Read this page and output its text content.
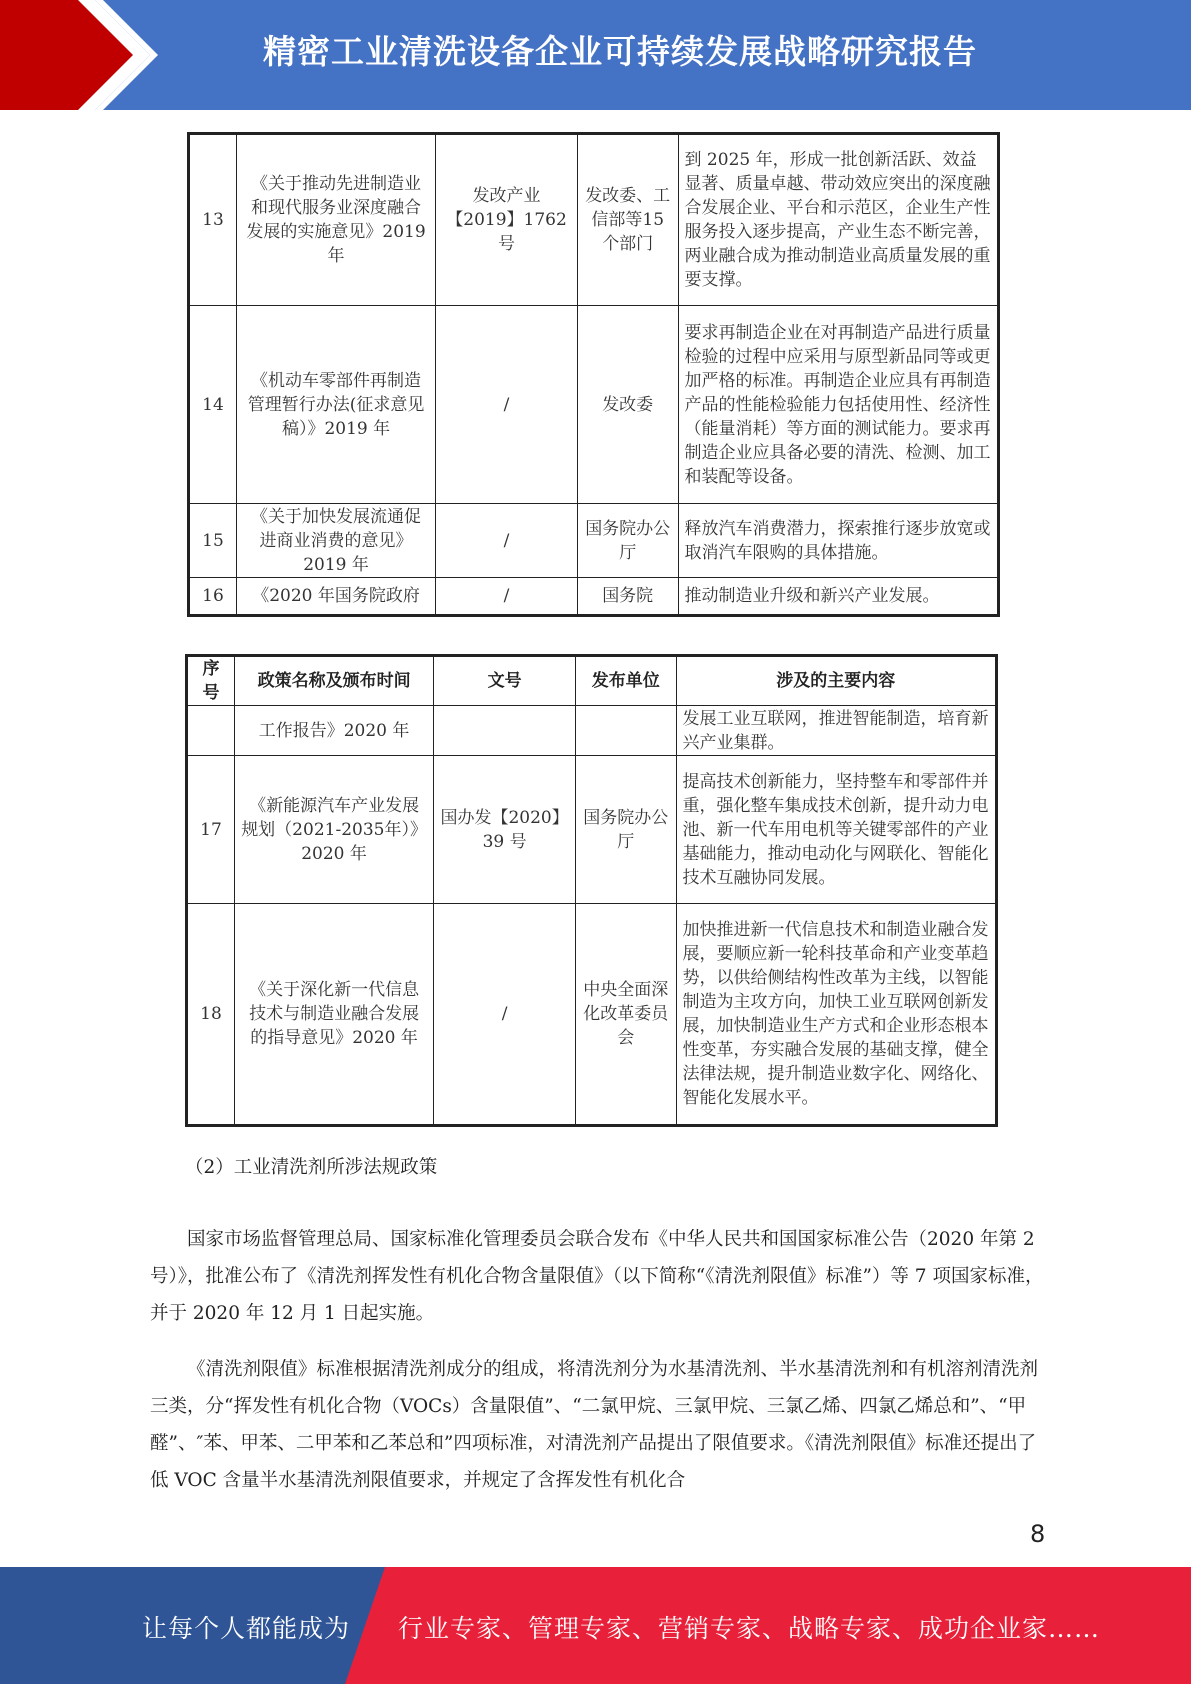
精密工业清洗设备企业可持续发展战略研究报告
13	《关于推动先进制造业和现代服务业深度融合发展的实施意见》2019 年	发改产业【2019】1762号	发改委、工信部等15 个部门	到 2025 年，形成一批创新活跃、效益显著、质量卓越、带动效应突出的深度融合发展企业、平台和示范区，企业生产性服务投入逐步提高，产业生态不断完善，两业融合成为推动制造业高质量发展的重要支撑。
14	《机动车零部件再制造管理暂行办法(征求意见稿）》2019 年	/	发改委	要求再制造企业在对再制造产品进行质量检验的过程中应采用与原型新品同等或更加严格的标准。再制造企业应具有再制造产品的性能检验能力包括使用性、经济性（能量消耗）等方面的测试能力。要求再制造企业应具备必要的清洗、检测、加工和装配等设备。
15	《关于加快发展流通促进商业消费的意见》2019 年	/	国务院办公厅	释放汽车消费潜力，探索推行逐步放宽或取消汽车限购的具体措施。
16	《2020 年国务院政府	/	国务院	推动制造业升级和新兴产业发展。
序号	政策名称及颁布时间	文号	发布单位	涉及的主要内容
	工作报告》2020 年			发展工业互联网，推进智能制造，培育新兴产业集群。
17	《新能源汽车产业发展规划（2021-2035年）》2020 年	国办发【2020】39 号	国务院办公厅	提高技术创新能力，坚持整车和零部件并重，强化整车集成技术创新，提升动力电池、新一代车用电机等关键零部件的产业基础能力，推动电动化与网联化、智能化技术互融协同发展。
18	《关于深化新一代信息技术与制造业融合发展的指导意见》2020 年	/	中央全面深化改革委员会	加快推进新一代信息技术和制造业融合发展，要顺应新一轮科技革命和产业变革趋势，以供给侧结构性改革为主线，以智能制造为主攻方向，加快工业互联网创新发展，加快制造业生产方式和企业形态根本性变革，夯实融合发展的基础支撑，健全法律法规，提升制造业数字化、网络化、智能化发展水平。
（2）工业清洗剂所涉法规政策
国家市场监督管理总局、国家标准化管理委员会联合发布《中华人民共和国国家标准公告（2020 年第 2 号）》，批准公布了《清洗剂挥发性有机化合物含量限值》（以下简称“《清洗剂限值》标准”）等 7 项国家标准，并于 2020 年 12 月 1 日起实施。
《清洗剂限值》标准根据清洗剂成分的组成，将清洗剂分为水基清洗剂、半水基清洗剂和有机溶剂清洗剂三类，分“挥发性有机化合物（VOCs）含量限值”、“二氯甲烷、三氯甲烷、三氯乙烯、四氯乙烯总和”、“甲醛”、″苯、甲苯、二甲苯和乙苯总和”四项标准，对清洗剂产品提出了限值要求。《清洗剂限值》标准还提出了低 VOC 含量半水基清洗剂限值要求，并规定了含挥发性有机化合
8
让每个人都能成为 行业专家、管理专家、营销专家、战略专家、成功企业家……
